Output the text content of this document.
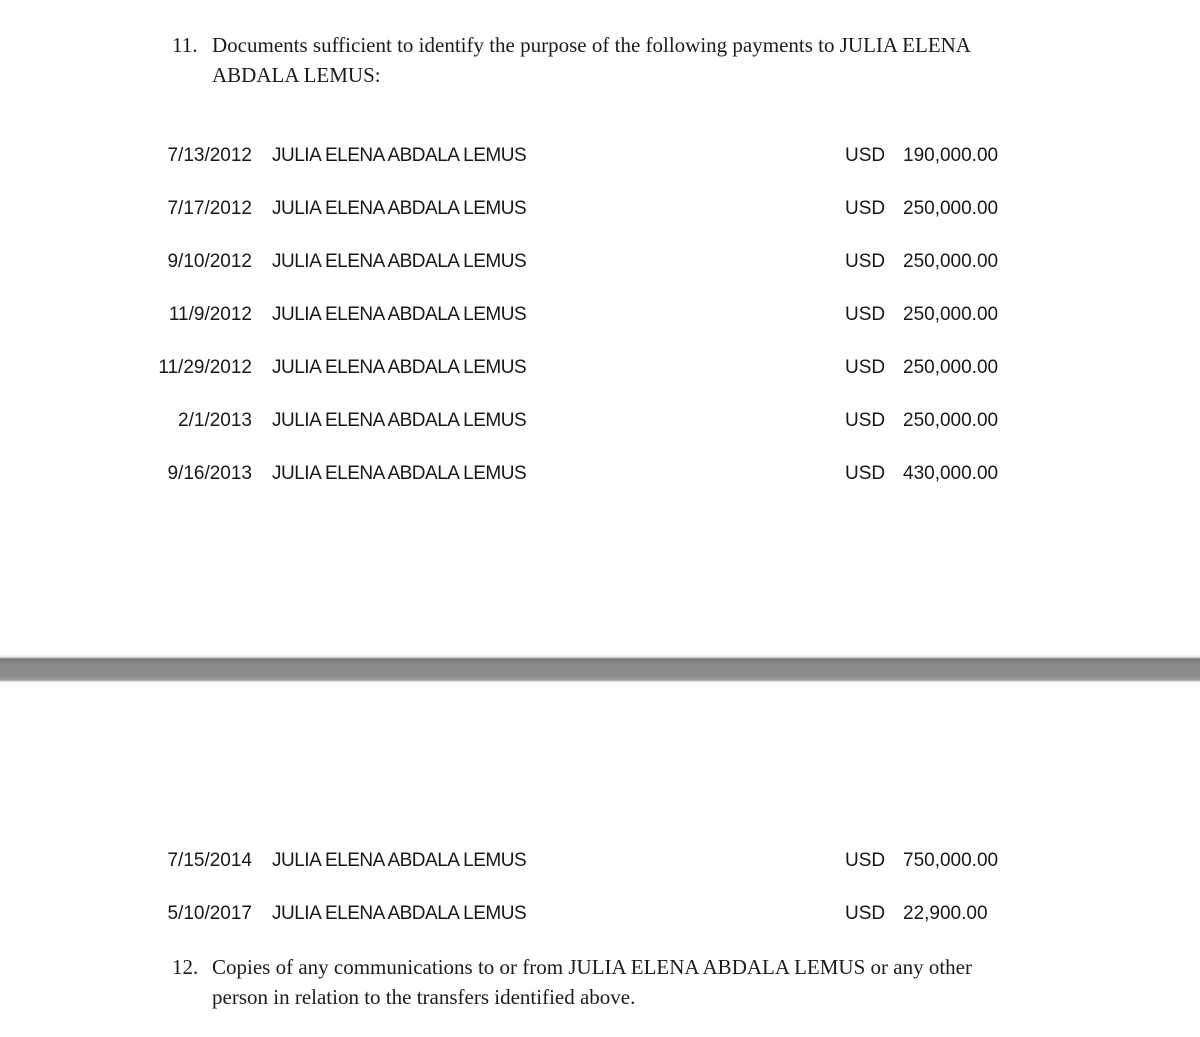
11. Documents sufficient to identify the purpose of the following payments to JULIA ELENA ABDALA LEMUS:
7/13/2012	JULIA ELENA ABDALA LEMUS	USD 190,000.00
7/17/2012	JULIA ELENA ABDALA LEMUS	USD 250,000.00
9/10/2012	JULIA ELENA ABDALA LEMUS	USD 250,000.00
11/9/2012	JULIA ELENA ABDALA LEMUS	USD 250,000.00
11/29/2012	JULIA ELENA ABDALA LEMUS	USD 250,000.00
2/1/2013	JULIA ELENA ABDALA LEMUS	USD 250,000.00
9/16/2013	JULIA ELENA ABDALA LEMUS	USD 430,000.00
7/15/2014	JULIA ELENA ABDALA LEMUS	USD 750,000.00
5/10/2017	JULIA ELENA ABDALA LEMUS	USD 22,900.00
12. Copies of any communications to or from JULIA ELENA ABDALA LEMUS or any other person in relation to the transfers identified above.
